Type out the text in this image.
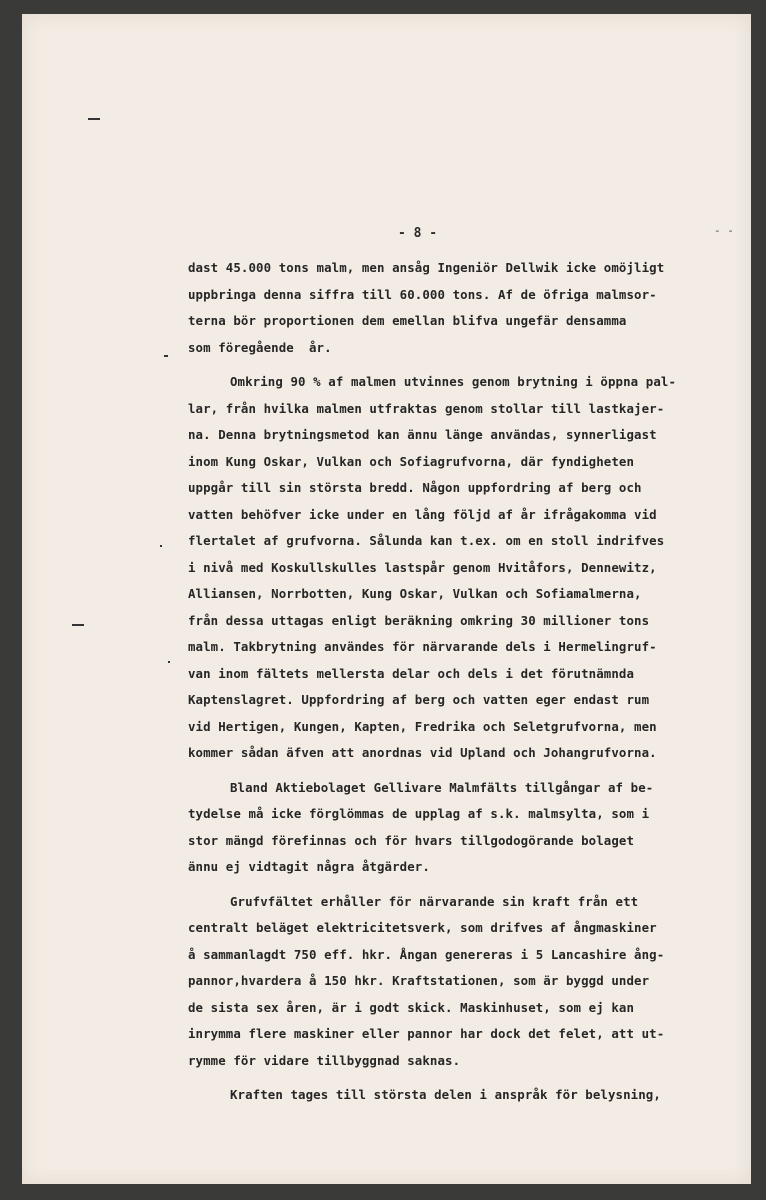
- 8 -	- -
dast 45.000 tons malm, men ansåg Ingeniör Dellwik icke omöjligt
uppbringa denna siffra till 60.000 tons. Af de öfriga malmsor-
terna bör proportionen dem emellan blifva ungefär densamma
som föregående  år.
Omkring 90 % af malmen utvinnes genom brytning i öppna pal-
lar, från hvilka malmen utfraktas genom stollar till lastkajer-
na. Denna brytningsmetod kan ännu länge användas, synnerligast
inom Kung Oskar, Vulkan och Sofiagrufvorna, där fyndigheten
uppgår till sin största bredd. Någon uppfordring af berg och
vatten behöfver icke under en lång följd af år ifrågakomma vid
flertalet af grufvorna. Sålunda kan t.ex. om en stoll indrifves
i nivå med Koskullskulles lastspår genom Hvitåfors, Dennewitz,
Alliansen, Norrbotten, Kung Oskar, Vulkan och Sofiamalmerna,
från dessa uttagas enligt beräkning omkring 30 millioner tons
malm. Takbrytning användes för närvarande dels i Hermelingruf-
van inom fältets mellersta delar och dels i det förutnämnda
Kaptenslagret. Uppfordring af berg och vatten eger endast rum
vid Hertigen, Kungen, Kapten, Fredrika och Seletgrufvorna, men
kommer sådan äfven att anordnas vid Upland och Johangrufvorna.
Bland Aktiebolaget Gellivare Malmfälts tillgångar af be-
tydelse må icke förglömmas de upplag af s.k. malmsylta, som i
stor mängd förefinnas och för hvars tillgodogörande bolaget
ännu ej vidtagit några åtgärder.
Grufvfältet erhåller för närvarande sin kraft från ett
centralt beläget elektricitetsverk, som drifves af ångmaskiner
å sammanlagdt 750 eff. hkr. Ångan genereras i 5 Lancashire ång-
pannor,hvardera å 150 hkr. Kraftstationen, som är byggd under
de sista sex åren, är i godt skick. Maskinhuset, som ej kan
inrymma flere maskiner eller pannor har dock det felet, att ut-
rymme för vidare tillbyggnad saknas.
Kraften tages till största delen i anspråk för belysning,
